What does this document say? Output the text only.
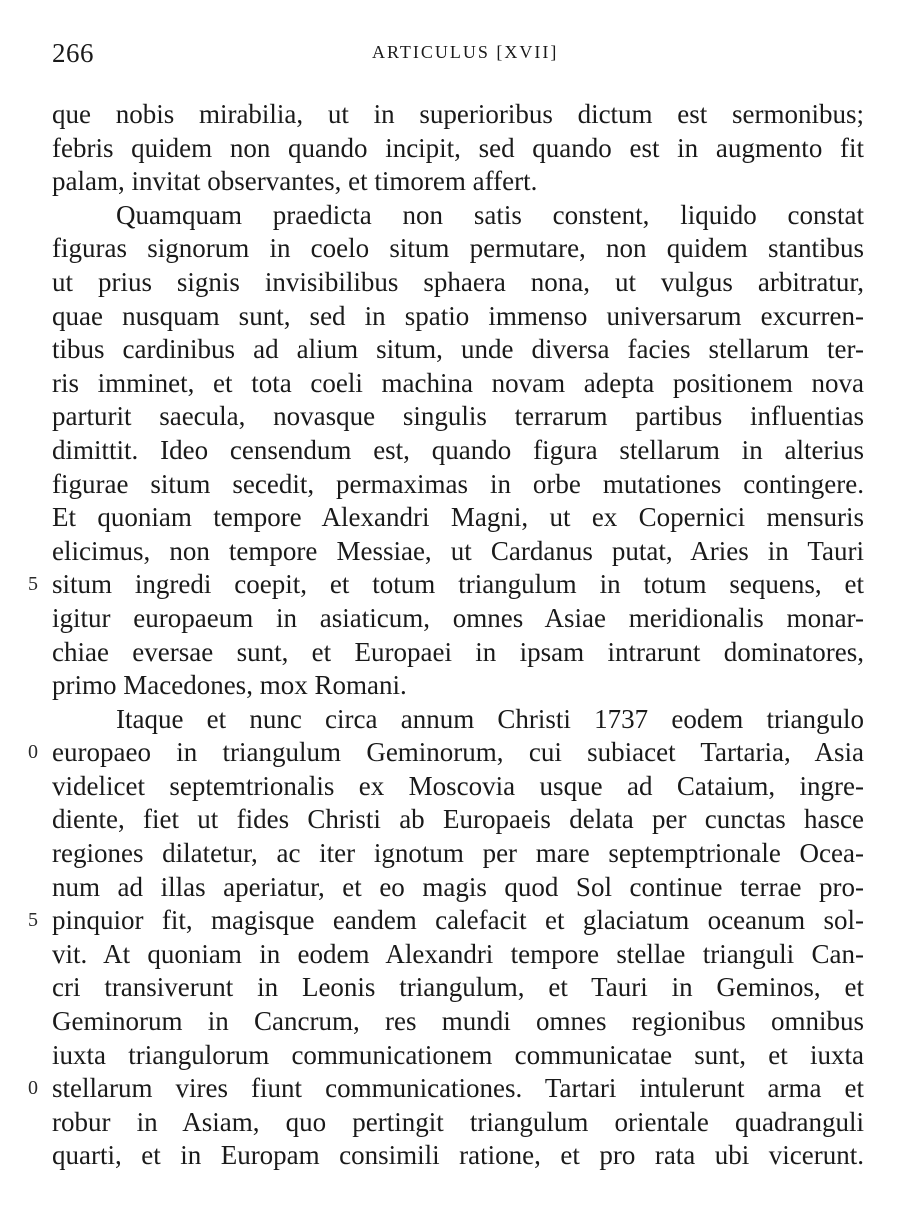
266	ARTICULUS [XVII]
5
0
5
0
que nobis mirabilia, ut in superioribus dictum est sermonibus;
febris quidem non quando incipit, sed quando est in augmento fit
palam, invitat observantes, et timorem affert.
Quamquam praedicta non satis constent, liquido constat
figuras signorum in coelo situm permutare, non quidem stantibus
ut prius signis invisibilibus sphaera nona, ut vulgus arbitratur,
quae nusquam sunt, sed in spatio immenso universarum excurren-
tibus cardinibus ad alium situm, unde diversa facies stellarum ter-
ris imminet, et tota coeli machina novam adepta positionem nova
parturit saecula, novasque singulis terrarum partibus influentias
dimittit. Ideo censendum est, quando figura stellarum in alterius
figurae situm secedit, permaximas in orbe mutationes contingere.
Et quoniam tempore Alexandri Magni, ut ex Copernici mensuris
elicimus, non tempore Messiae, ut Cardanus putat, Aries in Tauri
situm ingredi coepit, et totum triangulum in totum sequens, et
igitur europaeum in asiaticum, omnes Asiae meridionalis monar-
chiae eversae sunt, et Europaei in ipsam intrarunt dominatores,
primo Macedones, mox Romani.
Itaque et nunc circa annum Christi 1737 eodem triangulo
europaeo in triangulum Geminorum, cui subiacet Tartaria, Asia
videlicet septemtrionalis ex Moscovia usque ad Cataium, ingre-
diente, fiet ut fides Christi ab Europaeis delata per cunctas hasce
regiones dilatetur, ac iter ignotum per mare septemptrionale Ocea-
num ad illas aperiatur, et eo magis quod Sol continue terrae pro-
pinquior fit, magisque eandem calefacit et glaciatum oceanum sol-
vit. At quoniam in eodem Alexandri tempore stellae trianguli Can-
cri transiverunt in Leonis triangulum, et Tauri in Geminos, et
Geminorum in Cancrum, res mundi omnes regionibus omnibus
iuxta triangulorum communicationem communicatae sunt, et iuxta
stellarum vires fiunt communicationes. Tartari intulerunt arma et
robur in Asiam, quo pertingit triangulum orientale quadranguli
quarti, et in Europam consimili ratione, et pro rata ubi vicerunt.
